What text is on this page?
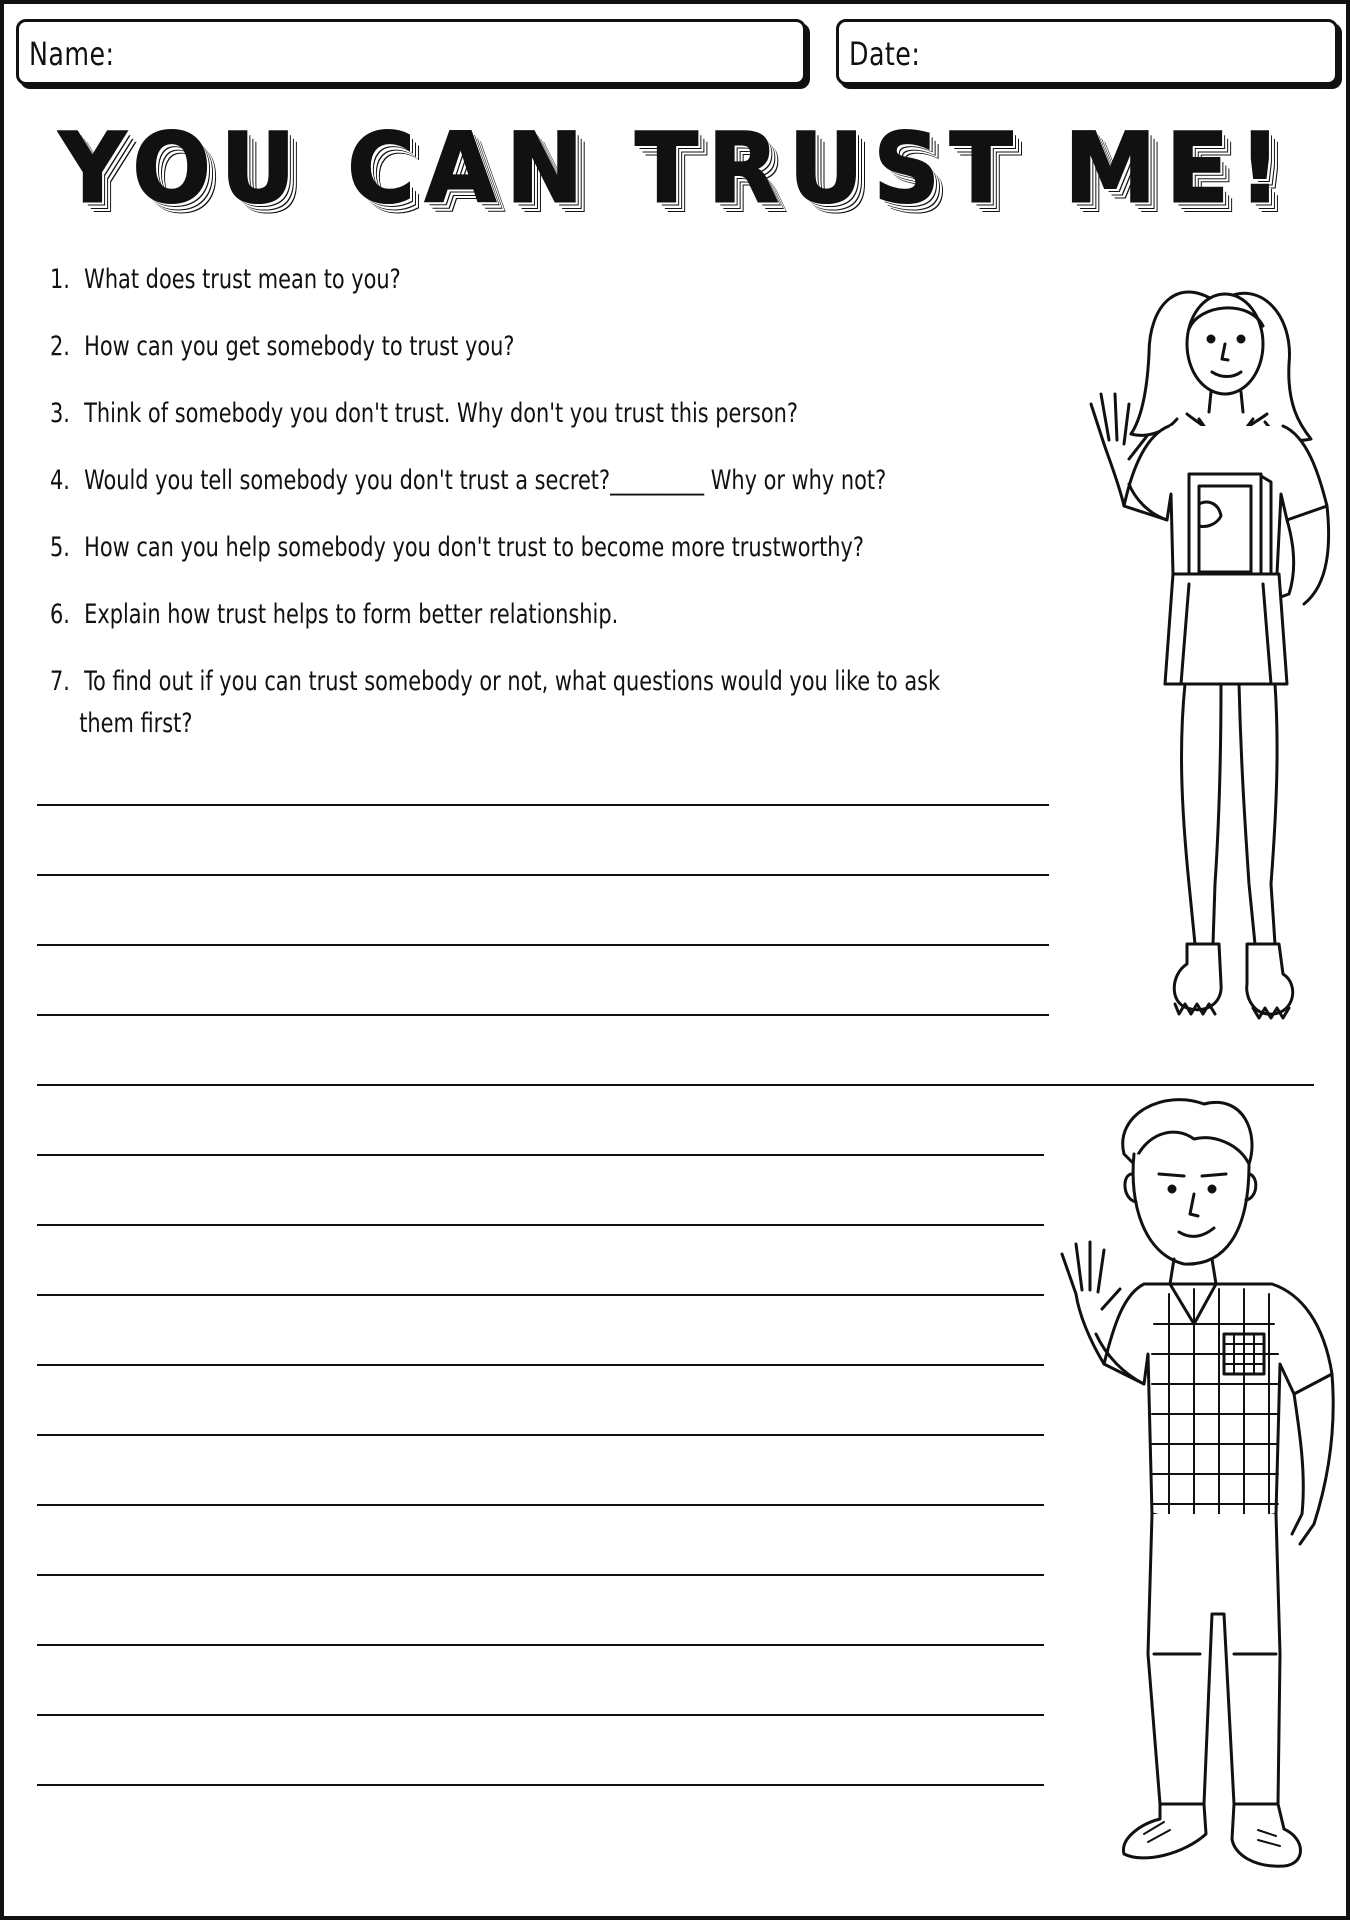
Name:	Date:
YOU CAN TRUST ME!
1. What does trust mean to you?
2. How can you get somebody to trust you?
3. Think of somebody you don't trust. Why don't you trust this person?
4. Would you tell somebody you don't trust a secret?_________ Why or why not?
5. How can you help somebody you don't trust to become more trustworthy?
6. Explain how trust helps to form better relationship.
7. To find out if you can trust somebody or not, what questions would you like to ask
them first?
